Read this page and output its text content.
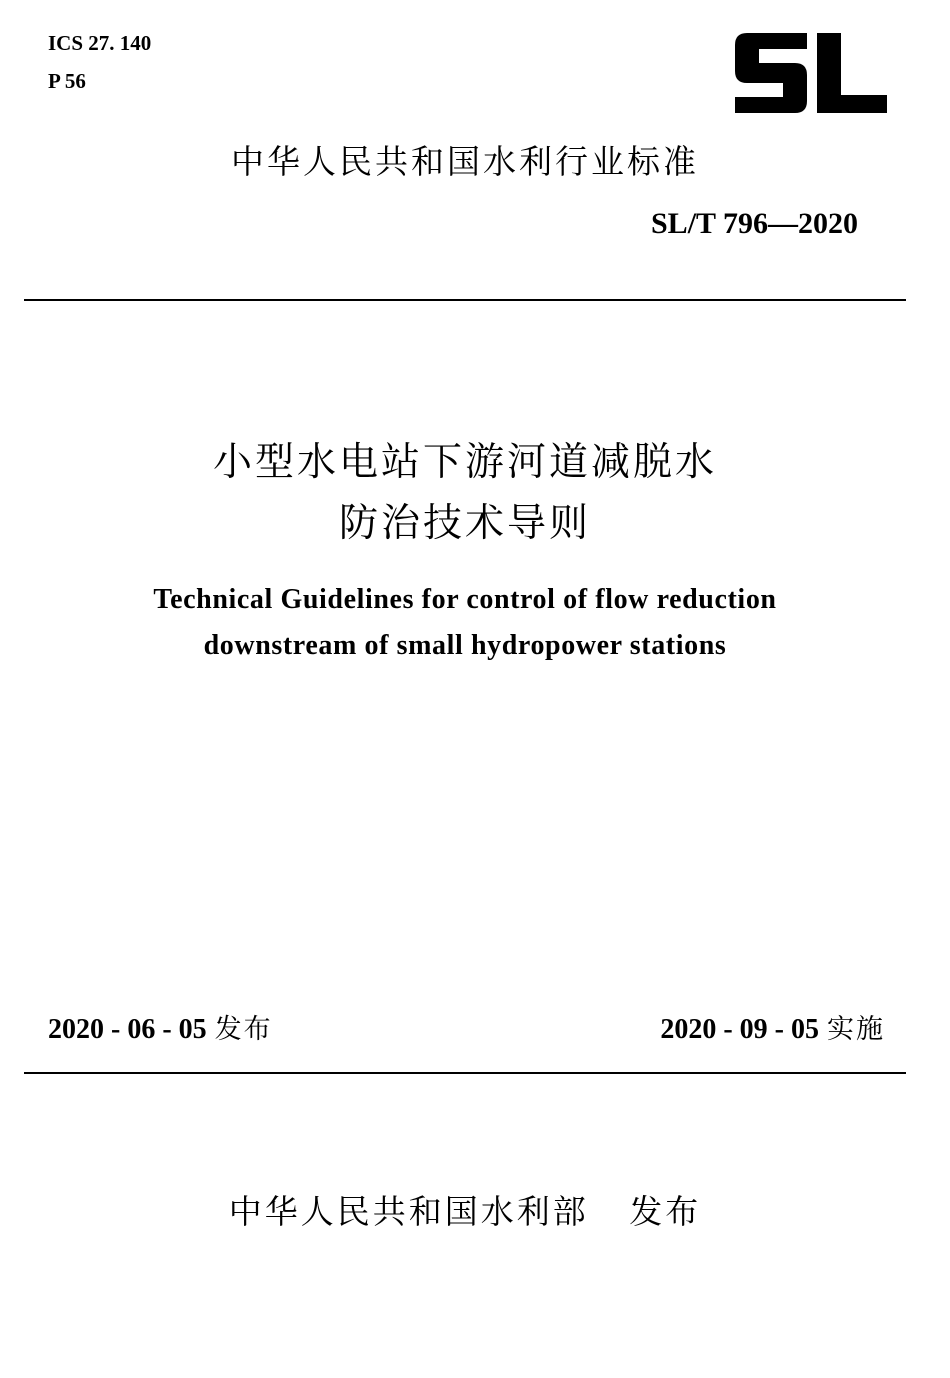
ICS 27. 140
P 56
中华人民共和国水利行业标准
SL/T 796—2020
小型水电站下游河道减脱水
防治技术导则
Technical Guidelines for control of flow reduction
downstream of small hydropower stations
2020 - 06 - 05 发布	2020 - 09 - 05 实施
中华人民共和国水利部   发布
